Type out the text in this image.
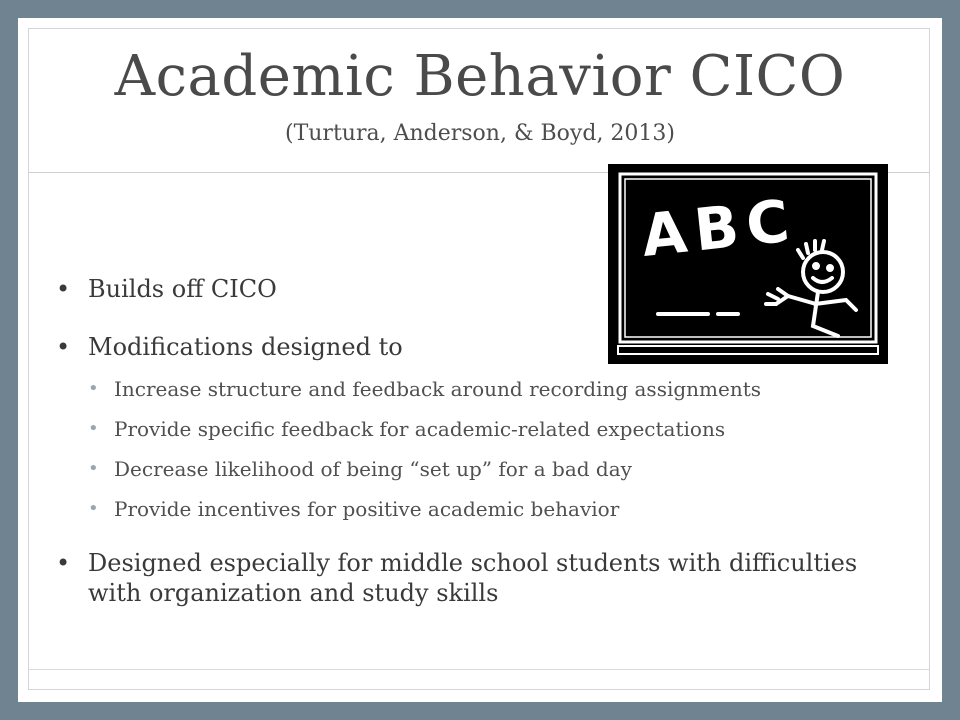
Academic Behavior CICO
(Turtura, Anderson, & Boyd, 2013)
ABC
• Builds off CICO
• Modifications designed to
• Increase structure and feedback around recording assignments
• Provide specific feedback for academic-related expectations
• Decrease likelihood of being “set up” for a bad day
• Provide incentives for positive academic behavior
• Designed especially for middle school students with difficulties with organization and study skills
